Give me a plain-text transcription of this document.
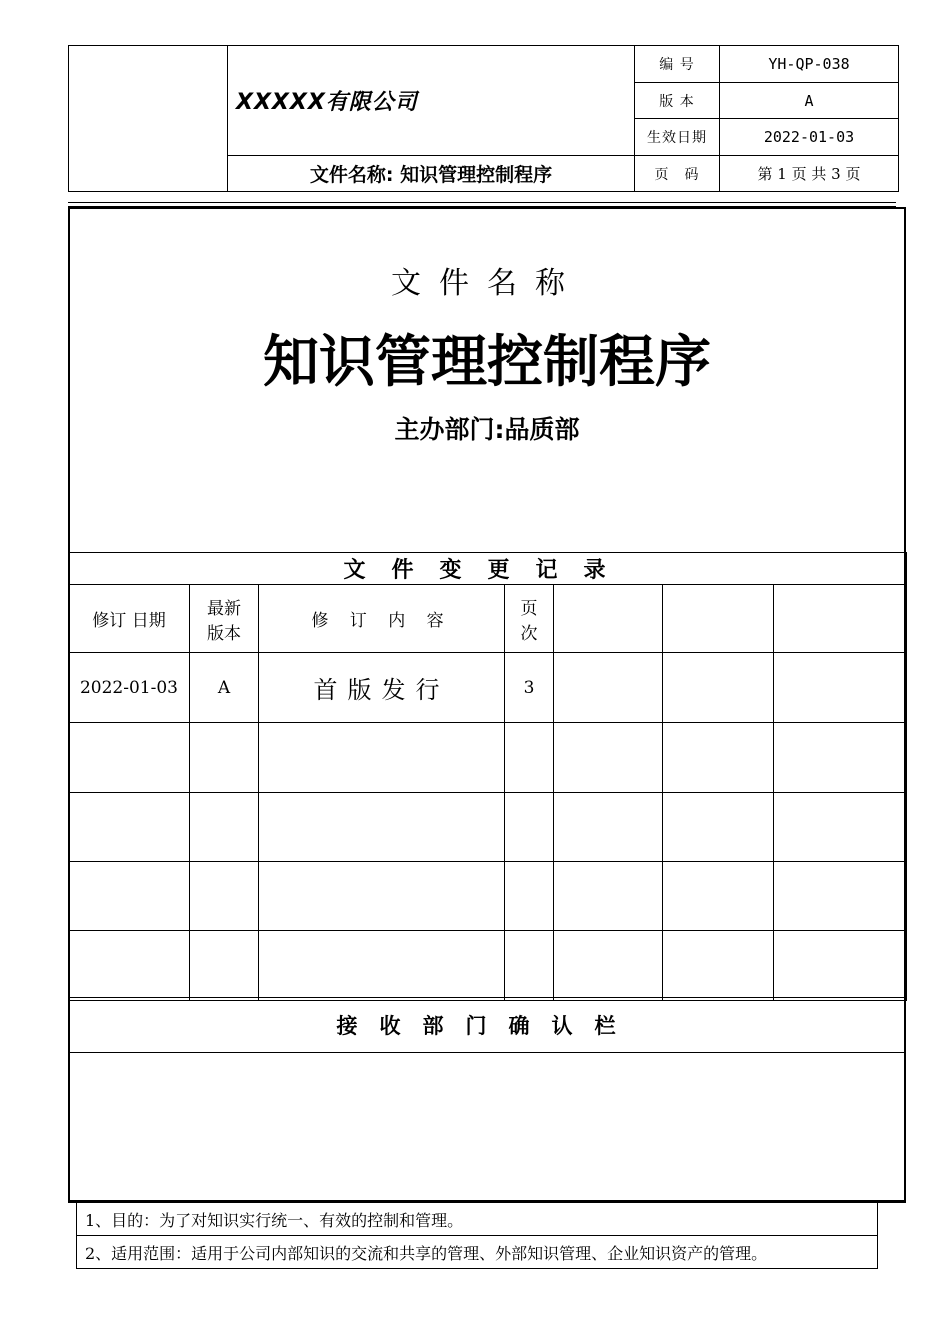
	XXXXX有限公司	编 号	YH-QP-038
		版 本	A
		生效日期	2022-01-03
	文件名称: 知识管理控制程序	页　码	第 1 页 共 3 页
文件名称
知识管理控制程序
主办部门:品质部
文件变更记录						
修订 日期	最新版本	修 订 内 容	页次			
2022-01-03	A	首版发行	3			

接收部门确认栏

1、目的：为了对知识实行统一、有效的控制和管理。
2、适用范围：适用于公司内部知识的交流和共享的管理、外部知识管理、企业知识资产的管理。
